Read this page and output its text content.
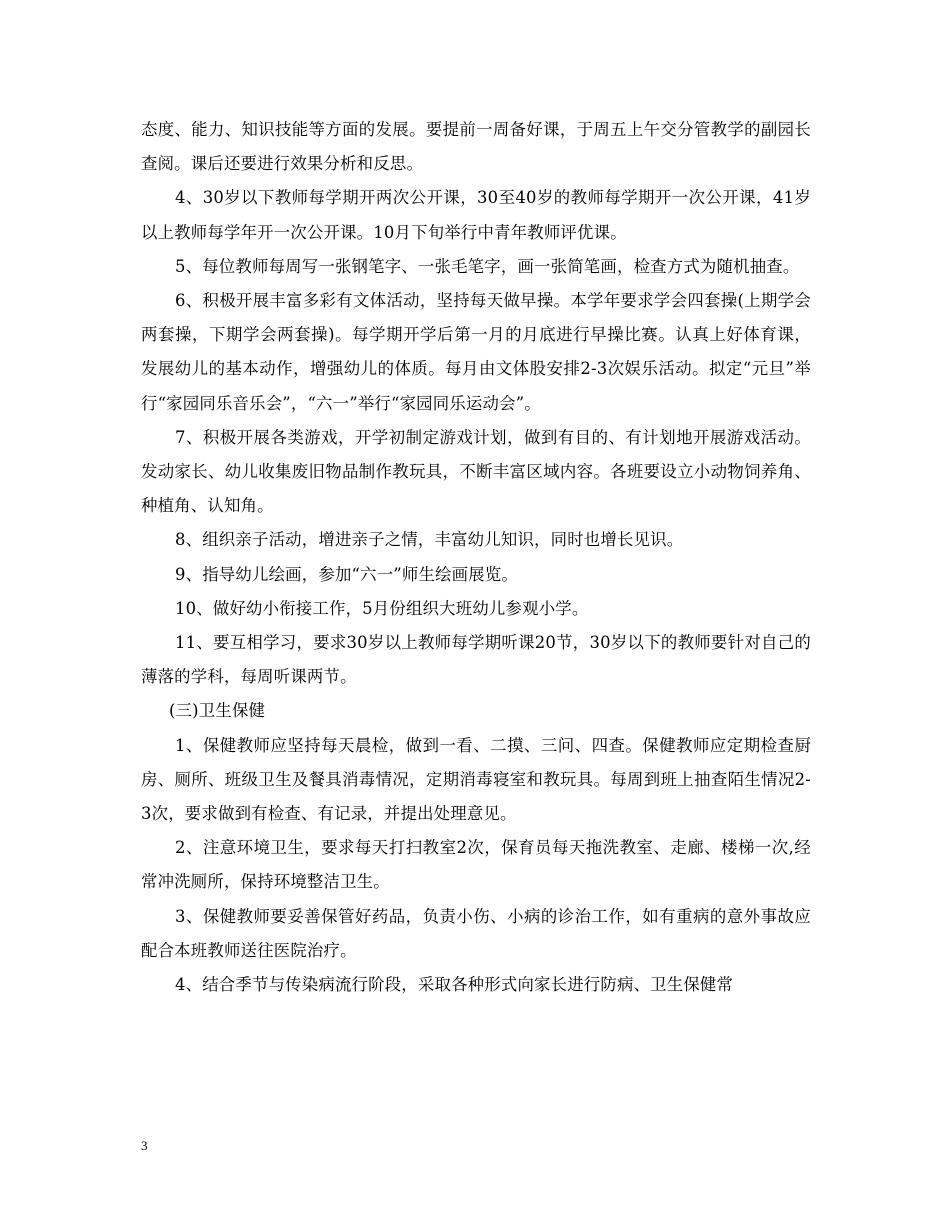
态度、能力、知识技能等方面的发展。要提前一周备好课，于周五上午交分管教学的副园长查阅。课后还要进行效果分析和反思。

4、30岁以下教师每学期开两次公开课，30至40岁的教师每学期开一次公开课，41岁以上教师每学年开一次公开课。10月下旬举行中青年教师评优课。

5、每位教师每周写一张钢笔字、一张毛笔字，画一张简笔画，检查方式为随机抽查。

6、积极开展丰富多彩有文体活动，坚持每天做早操。本学年要求学会四套操(上期学会两套操，下期学会两套操)。每学期开学后第一月的月底进行早操比赛。认真上好体育课，发展幼儿的基本动作，增强幼儿的体质。每月由文体股安排2-3次娱乐活动。拟定“元旦”举行“家园同乐音乐会”，“六一”举行“家园同乐运动会”。

7、积极开展各类游戏，开学初制定游戏计划，做到有目的、有计划地开展游戏活动。发动家长、幼儿收集废旧物品制作教玩具，不断丰富区域内容。各班要设立小动物饲养角、种植角、认知角。

8、组织亲子活动，增进亲子之情，丰富幼儿知识，同时也增长见识。

9、指导幼儿绘画，参加“六一”师生绘画展览。

10、做好幼小衔接工作，5月份组织大班幼儿参观小学。

11、要互相学习，要求30岁以上教师每学期听课20节，30岁以下的教师要针对自己的薄落的学科，每周听课两节。

(三)卫生保健

1、保健教师应坚持每天晨检，做到一看、二摸、三问、四查。保健教师应定期检查厨房、厕所、班级卫生及餐具消毒情况，定期消毒寝室和教玩具。每周到班上抽查陌生情况2-3次，要求做到有检查、有记录，并提出处理意见。

2、注意环境卫生，要求每天打扫教室2次，保育员每天拖洗教室、走廊、楼梯一次,经常冲洗厕所，保持环境整洁卫生。

3、保健教师要妥善保管好药品，负责小伤、小病的诊治工作，如有重病的意外事故应配合本班教师送往医院治疗。

4、结合季节与传染病流行阶段，采取各种形式向家长进行防病、卫生保健常

3
